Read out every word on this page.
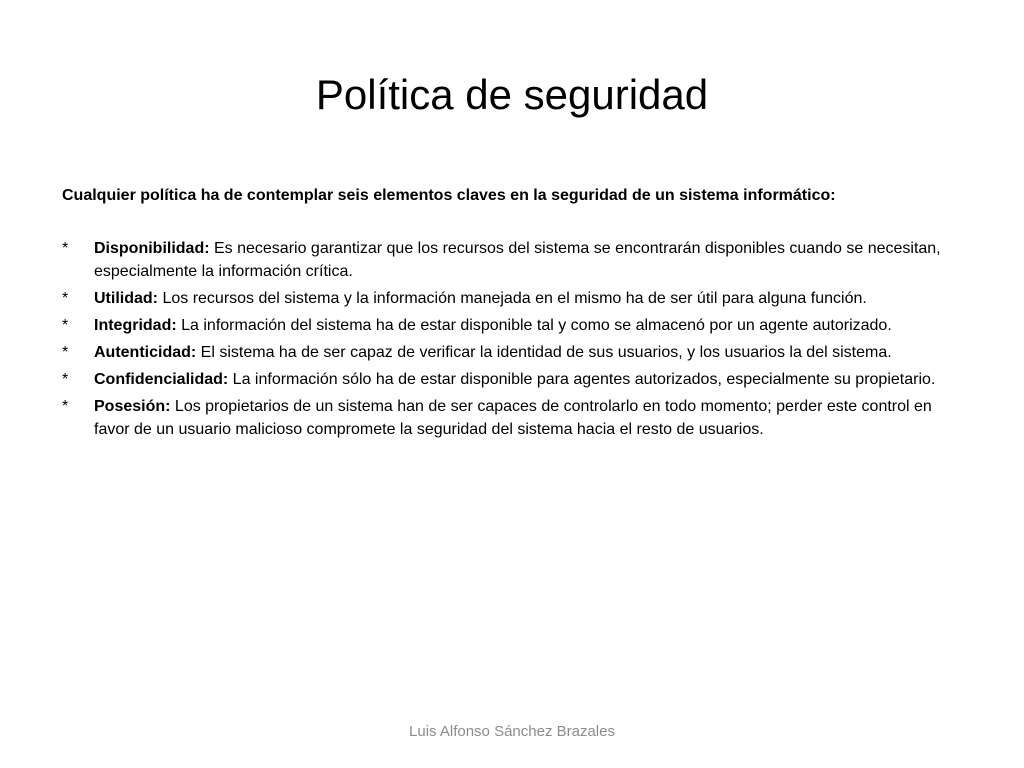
Política de seguridad

Cualquier política ha de contemplar seis elementos claves en la seguridad de un sistema informático:

*	Disponibilidad: Es necesario garantizar que los recursos del sistema se encontrarán disponibles cuando se necesitan, especialmente la información crítica.
*	Utilidad: Los recursos del sistema y la información manejada en el mismo ha de ser útil para alguna función.
*	Integridad: La información del sistema ha de estar disponible tal y como se almacenó por un agente autorizado.
*	Autenticidad: El sistema ha de ser capaz de verificar la identidad de sus usuarios, y los usuarios la del sistema.
*	Confidencialidad: La información sólo ha de estar disponible para agentes autorizados, especialmente su propietario.
*	Posesión: Los propietarios de un sistema han de ser capaces de controlarlo en todo momento; perder este control en favor de un usuario malicioso compromete la seguridad del sistema hacia el resto de usuarios.
Luis Alfonso Sánchez Brazales
